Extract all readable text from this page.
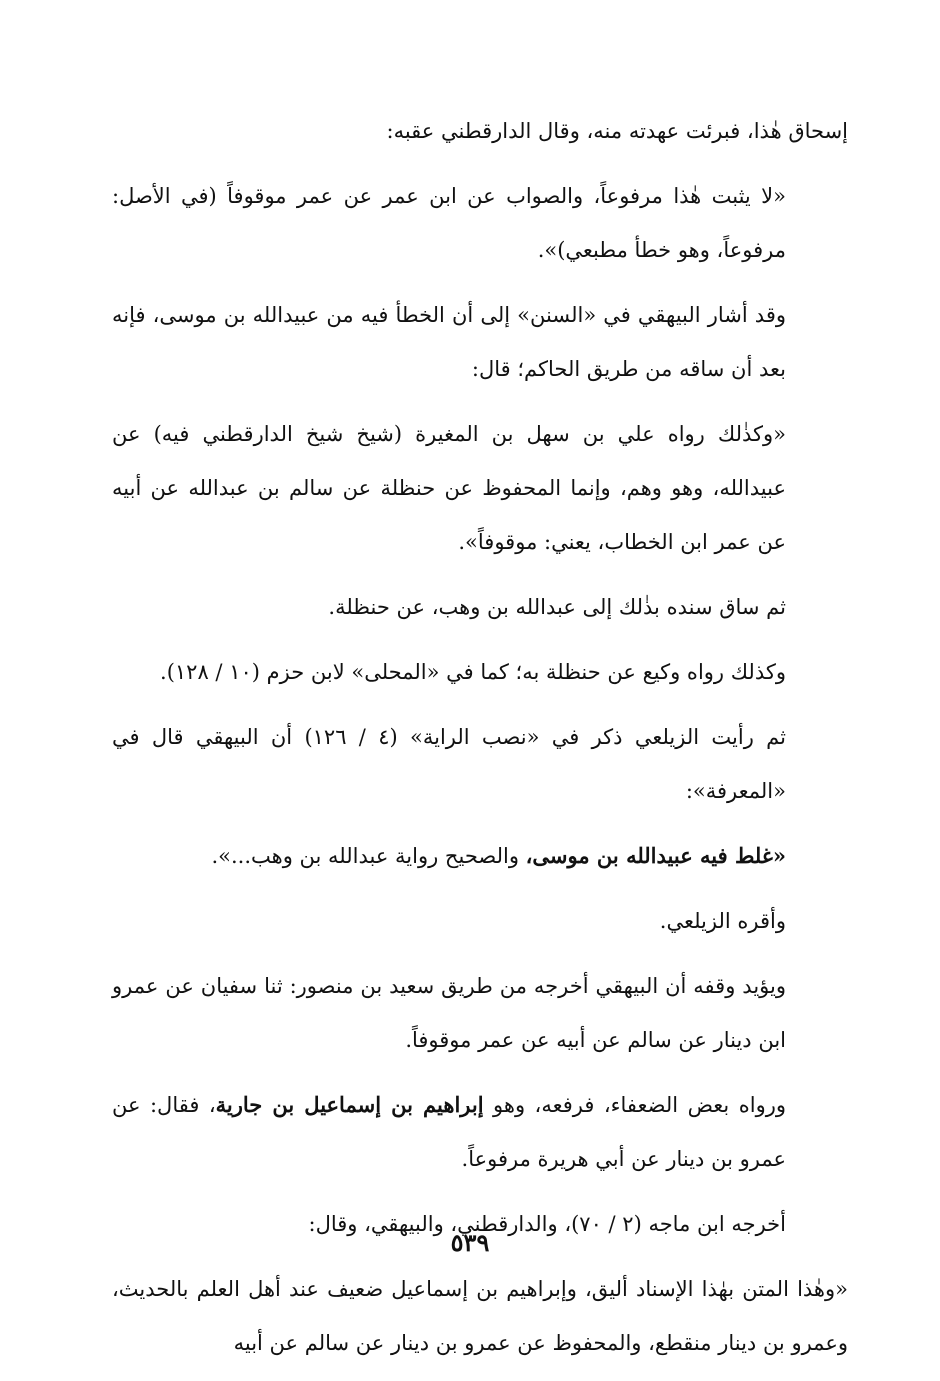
إسحاق هٰذا، فبرئت عهدته منه، وقال الدارقطني عقبه:

«لا يثبت هٰذا مرفوعاً، والصواب عن ابن عمر عن عمر موقوفاً (في الأصل: مرفوعاً، وهو خطأ مطبعي)».

وقد أشار البيهقي في «السنن» إلى أن الخطأ فيه من عبيدالله بن موسى، فإنه بعد أن ساقه من طريق الحاكم؛ قال:

«وكذٰلك رواه علي بن سهل بن المغيرة (شيخ شيخ الدارقطني فيه) عن عبيدالله، وهو وهم، وإنما المحفوظ عن حنظلة عن سالم بن عبدالله عن أبيه عن عمر ابن الخطاب، يعني: موقوفاً».

ثم ساق سنده بذٰلك إلى عبدالله بن وهب، عن حنظلة.

وكذلك رواه وكيع عن حنظلة به؛ كما في «المحلى» لابن حزم (١٠ / ١٢٨).

ثم رأيت الزيلعي ذكر في «نصب الراية» (٤ / ١٢٦) أن البيهقي قال في «المعرفة»:

«غلط فيه عبيدالله بن موسى، والصحيح رواية عبدالله بن وهب...».

وأقره الزيلعي.

ويؤيد وقفه أن البيهقي أخرجه من طريق سعيد بن منصور: ثنا سفيان عن عمرو ابن دينار عن سالم عن أبيه عن عمر موقوفاً.

ورواه بعض الضعفاء، فرفعه، وهو إبراهيم بن إسماعيل بن جارية، فقال: عن عمرو بن دينار عن أبي هريرة مرفوعاً.

أخرجه ابن ماجه (٢ / ٧٠)، والدارقطني، والبيهقي، وقال:

«وهٰذا المتن بهٰذا الإسناد أليق، وإبراهيم بن إسماعيل ضعيف عند أهل العلم بالحديث، وعمرو بن دينار منقطع، والمحفوظ عن عمرو بن دينار عن سالم عن أبيه

٥٣٩
